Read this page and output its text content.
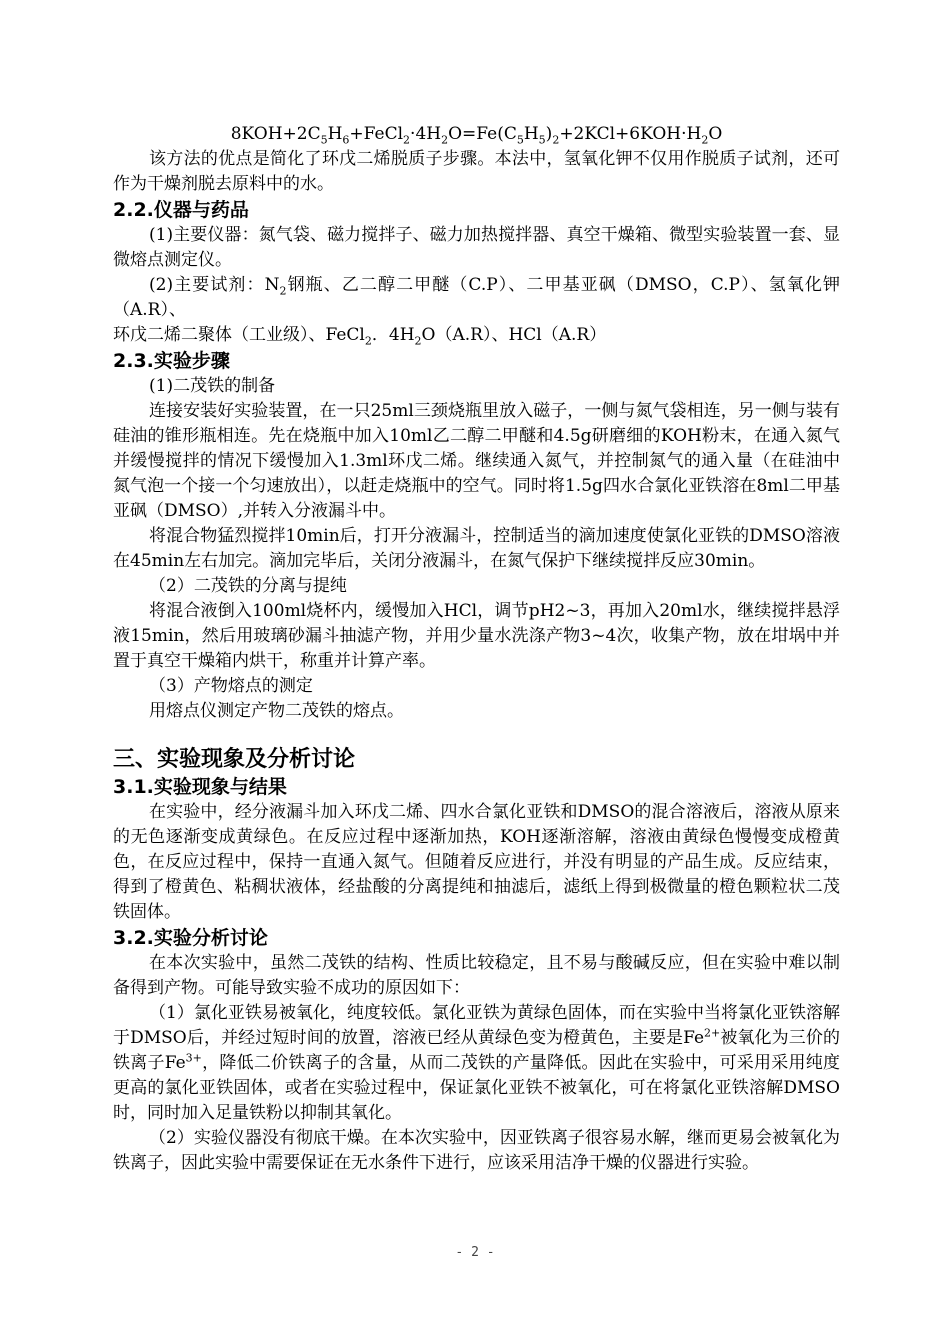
$8KOH+2C_5H_6+FeCl_2\cdot 4H_2O=Fe(C_5H_5)_2+2KCl+6KOH\cdot H_2O$

该方法的优点是简化了环戊二烯脱质子步骤。本法中，氢氧化钾不仅用作脱质子试剂，还可作为干燥剂脱去原料中的水。

2.2.仪器与药品

(1)主要仪器：氮气袋、磁力搅拌子、磁力加热搅拌器、真空干燥箱、微型实验装置一套、显微熔点测定仪。

(2)主要试剂：$N_2$钢瓶、乙二醇二甲醚（C.P）、二甲基亚砜（DMSO，C.P）、氢氧化钾（A.R）、

环戊二烯二聚体（工业级）、FeCl$_2$．$4H_2O(A.R)$、HCl（A.R）

2.3.实验步骤

(1)二茂铁的制备

连接安装好实验装置，在一只25ml三颈烧瓶里放入磁子，一侧与氮气袋相连，另一侧与装有硅油的锥形瓶相连。先在烧瓶中加入10ml乙二醇二甲醚和4.5g研磨细的KOH粉末，在通入氮气并缓慢搅拌的情况下缓慢加入1.3ml环戊二烯。继续通入氮气，并控制氮气的通入量（在硅油中氮气泡一个接一个匀速放出），以赶走烧瓶中的空气。同时将1.5g四水合氯化亚铁溶在8ml二甲基亚砜（DMSO）,并转入分液漏斗中。

将混合物猛烈搅拌10min后，打开分液漏斗，控制适当的滴加速度使氯化亚铁的DMSO溶液在45min左右加完。滴加完毕后，关闭分液漏斗，在氮气保护下继续搅拌反应30min。

（2）二茂铁的分离与提纯

将混合液倒入100ml烧杯内，缓慢加入HCl，调节pH2~3，再加入20ml水，继续搅拌悬浮液15min，然后用玻璃砂漏斗抽滤产物，并用少量水洗涤产物3~4次，收集产物，放在坩埚中并置于真空干燥箱内烘干，称重并计算产率。

（3）产物熔点的测定

用熔点仪测定产物二茂铁的熔点。

三、实验现象及分析讨论
3.1.实验现象与结果

在实验中，经分液漏斗加入环戊二烯、四水合氯化亚铁和DMSO的混合溶液后，溶液从原来的无色逐渐变成黄绿色。在反应过程中逐渐加热，KOH逐渐溶解，溶液由黄绿色慢慢变成橙黄色，在反应过程中，保持一直通入氮气。但随着反应进行，并没有明显的产品生成。反应结束，得到了橙黄色、粘稠状液体，经盐酸的分离提纯和抽滤后，滤纸上得到极微量的橙色颗粒状二茂铁固体。

3.2.实验分析讨论

在本次实验中，虽然二茂铁的结构、性质比较稳定，且不易与酸碱反应，但在实验中难以制备得到产物。可能导致实验不成功的原因如下：

（1）氯化亚铁易被氧化，纯度较低。氯化亚铁为黄绿色固体，而在实验中当将氯化亚铁溶解于DMSO后，并经过短时间的放置，溶液已经从黄绿色变为橙黄色，主要是$Fe^{2+}$被氧化为三价的铁离子$Fe^{3+}$，降低二价铁离子的含量，从而二茂铁的产量降低。因此在实验中，可采用采用纯度更高的氯化亚铁固体，或者在实验过程中，保证氯化亚铁不被氧化，可在将氯化亚铁溶解DMSO时，同时加入足量铁粉以抑制其氧化。

（2）实验仪器没有彻底干燥。在本次实验中，因亚铁离子很容易水解，继而更易会被氧化为铁离子，因此实验中需要保证在无水条件下进行，应该采用洁净干燥的仪器进行实验。

- 2 -
